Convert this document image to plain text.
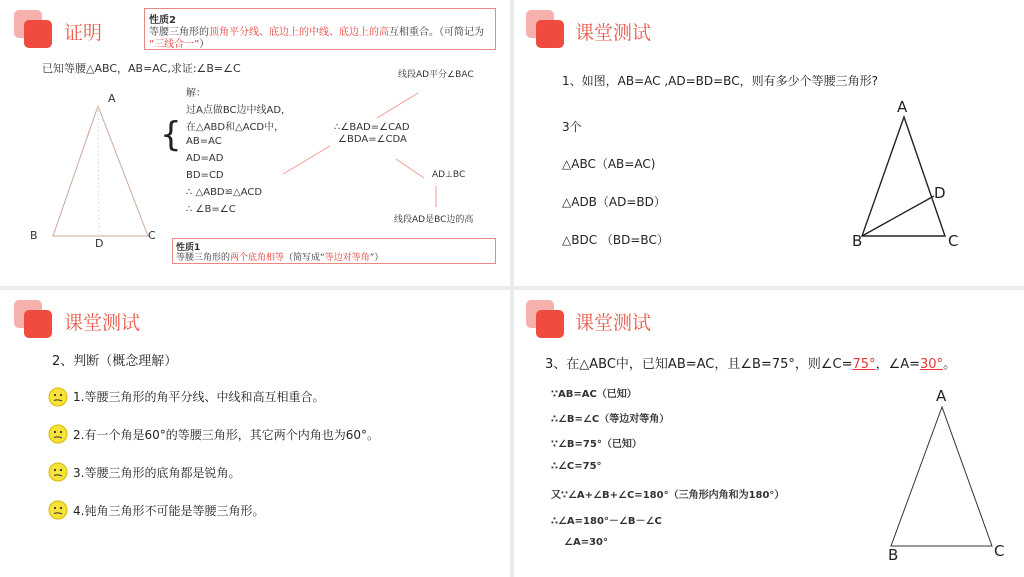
证明
性质2
等腰三角形的顶角平分线、底边上的中线、底边上的高互相重合。（可简记为
“三线合一”）
已知等腰△ABC，AB=AC,求证:∠B=∠C
A
B	C
D
解：
过A点做BC边中线AD，
在△ABD和△ACD中，
AB=AC
AD=AD
BD=CD
∴ △ABD≌△ACD
∴ ∠B=∠C
{	∴∠BAD=∠CAD
∠BDA=∠CDA
线段AD平分∠BAC
AD⊥BC
线段AD是BC边的高
性质1
等腰三角形的两个底角相等（简写成“等边对等角”）
课堂测试
1、如图，AB=AC ,AD=BD=BC，则有多少个等腰三角形?
3个
△ABC（AB=AC)
△ADB（AD=BD）
△BDC （BD=BC）
A
B	C
D
课堂测试
2、判断（概念理解）
1.等腰三角形的角平分线、中线和高互相重合。
2.有一个角是60°的等腰三角形，其它两个内角也为60°。
3.等腰三角形的底角都是锐角。
4.钝角三角形不可能是等腰三角形。
课堂测试
3、在△ABC中，已知AB=AC，且∠B=75°，则∠C=75°，∠A=30°。
∵AB=AC（已知）
∴∠B=∠C（等边对等角）
∵∠B=75°（已知）
∴∠C=75°
又∵∠A+∠B+∠C=180°（三角形内角和为180°）
∴∠A=180°－∠B－∠C
∠A=30°
A
B	C
